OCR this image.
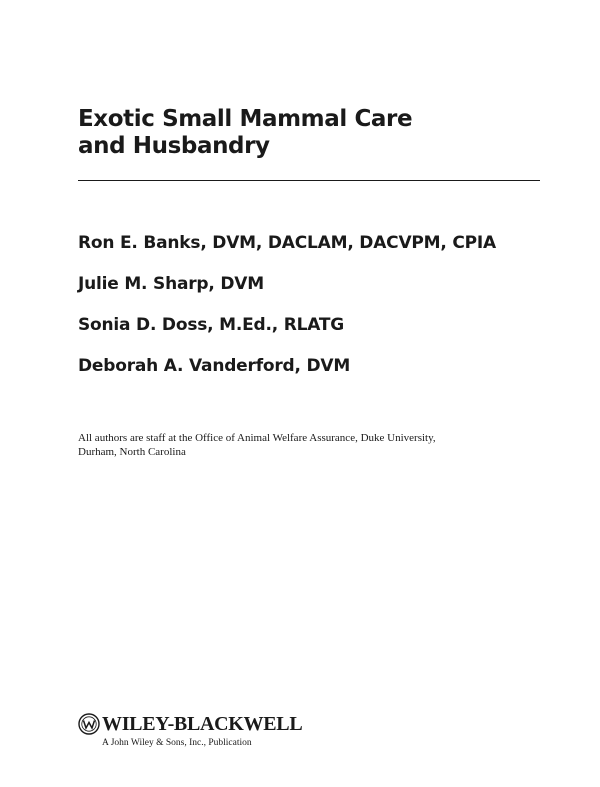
Exotic Small Mammal Care
and Husbandry
Ron E. Banks, DVM, DACLAM, DACVPM, CPIA
Julie M. Sharp, DVM
Sonia D. Doss, M.Ed., RLATG
Deborah A. Vanderford, DVM

All authors are staff at the Office of Animal Welfare Assurance, Duke University,
Durham, North Carolina

WILEY-BLACKWELL
A John Wiley & Sons, Inc., Publication
